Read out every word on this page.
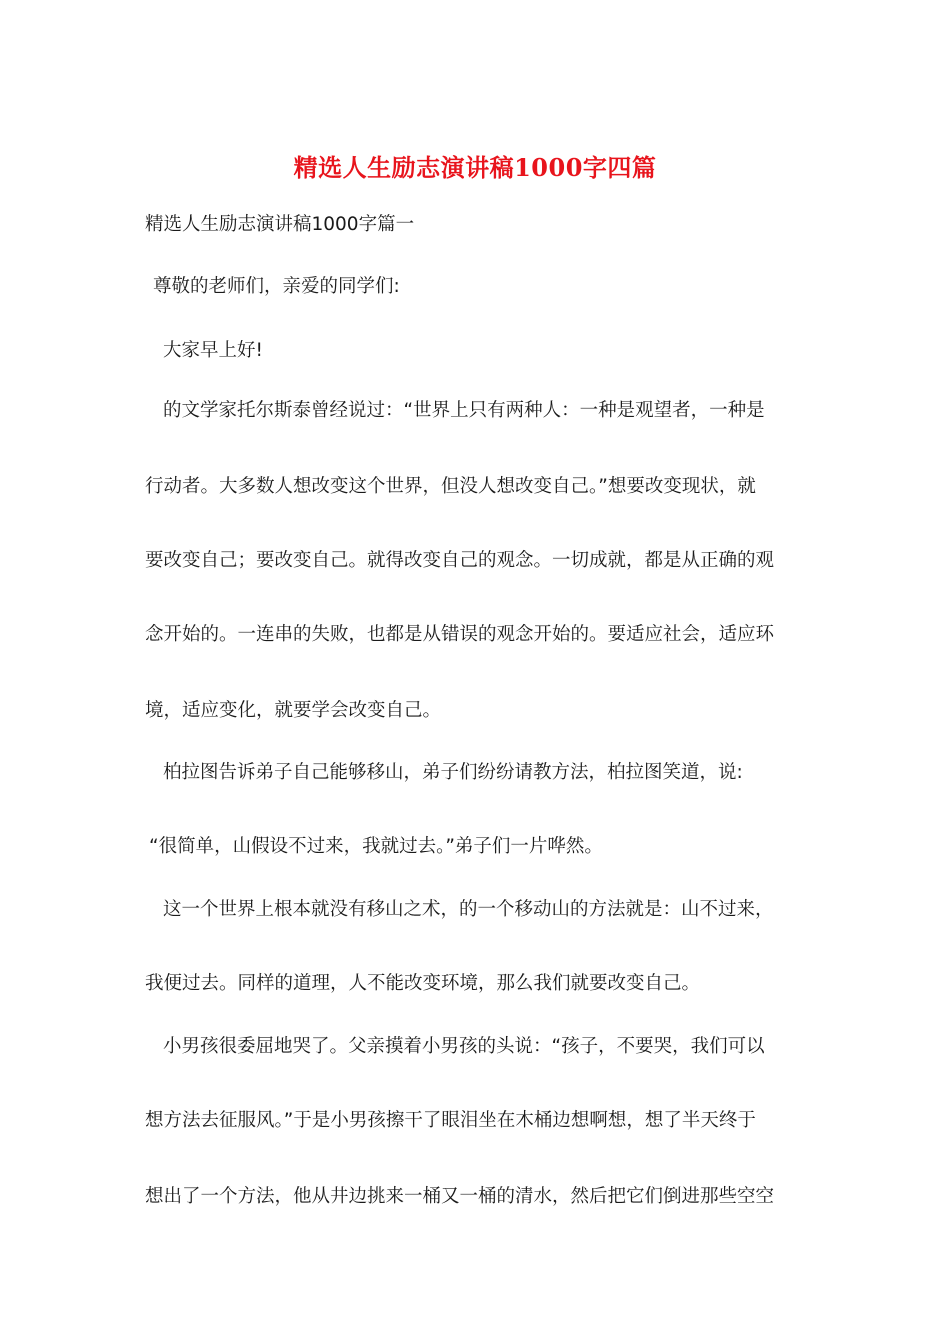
精选人生励志演讲稿1000字四篇
精选人生励志演讲稿1000字篇一
尊敬的老师们，亲爱的同学们:
大家早上好!
的文学家托尔斯泰曾经说过：“世界上只有两种人：一种是观望者，一种是
行动者。大多数人想改变这个世界，但没人想改变自己。”想要改变现状，就
要改变自己；要改变自己。就得改变自己的观念。一切成就，都是从正确的观
念开始的。一连串的失败，也都是从错误的观念开始的。要适应社会，适应环
境，适应变化，就要学会改变自己。
柏拉图告诉弟子自己能够移山，弟子们纷纷请教方法，柏拉图笑道，说:
“很简单，山假设不过来，我就过去。”弟子们一片哗然。
这一个世界上根本就没有移山之术，的一个移动山的方法就是：山不过来，
我便过去。同样的道理，人不能改变环境，那么我们就要改变自己。
小男孩很委屈地哭了。父亲摸着小男孩的头说：“孩子，不要哭，我们可以
想方法去征服风。”于是小男孩擦干了眼泪坐在木桶边想啊想，想了半天终于
想出了一个方法，他从井边挑来一桶又一桶的清水，然后把它们倒进那些空空
